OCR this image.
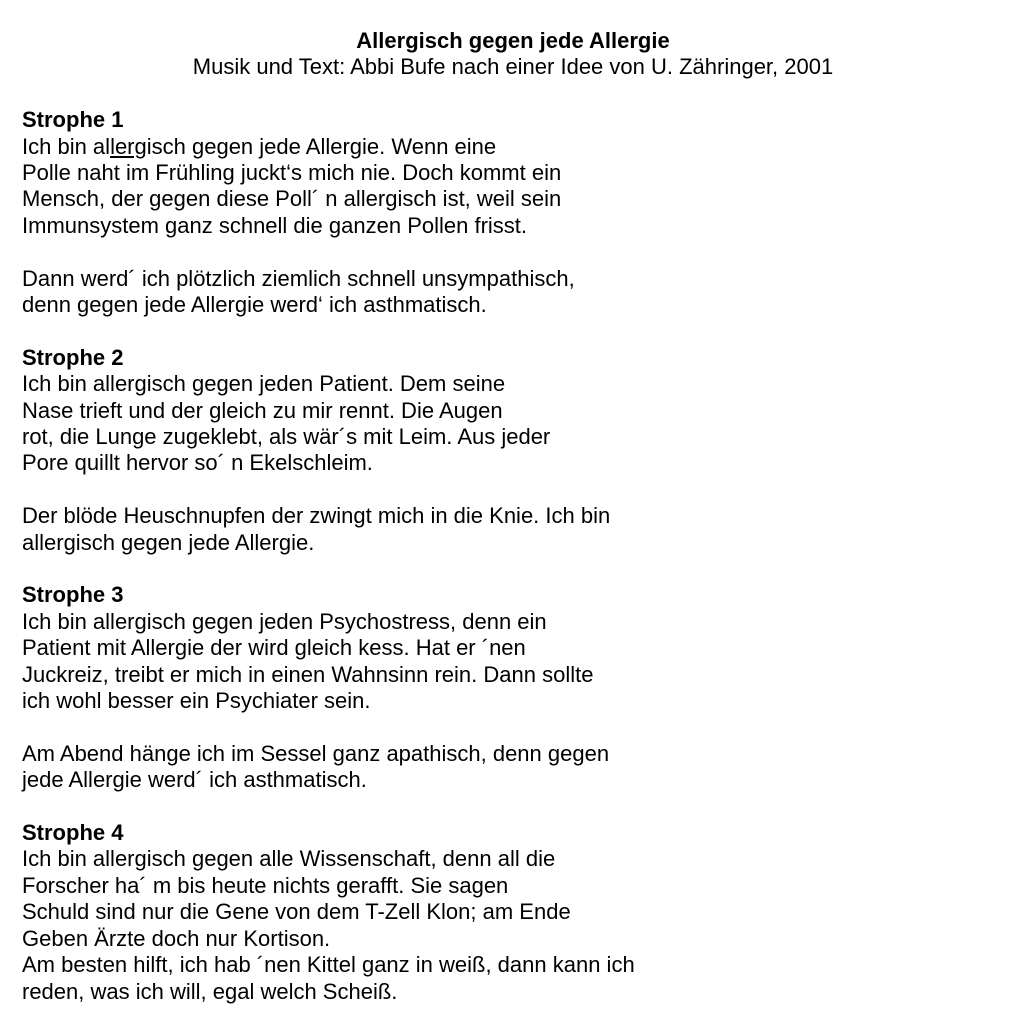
Allergisch gegen jede Allergie

Musik und Text: Abbi Bufe nach einer Idee von U. Zähringer, 2001

Strophe 1

Ich bin allergisch gegen jede Allergie. Wenn eine

Polle naht im Frühling juckt‘s mich nie. Doch kommt ein

Mensch, der gegen diese Poll´ n allergisch ist, weil sein

Immunsystem ganz schnell die ganzen Pollen frisst.

Dann werd´ ich plötzlich ziemlich schnell unsympathisch,

denn gegen jede Allergie werd‘ ich asthmatisch.

Strophe 2

Ich bin allergisch gegen jeden Patient. Dem seine

Nase trieft und der gleich zu mir rennt. Die Augen

rot, die Lunge zugeklebt, als wär´s mit Leim. Aus jeder

Pore quillt hervor so´ n Ekelschleim.

Der blöde Heuschnupfen der zwingt mich in die Knie. Ich bin

allergisch gegen jede Allergie.

Strophe 3

Ich bin allergisch gegen jeden Psychostress, denn ein

Patient mit Allergie der wird gleich kess. Hat er ´nen

Juckreiz, treibt er mich in einen Wahnsinn rein. Dann sollte

ich wohl besser ein Psychiater sein.

Am Abend hänge ich im Sessel ganz apathisch, denn gegen

jede Allergie werd´ ich asthmatisch.

Strophe 4

Ich bin allergisch gegen alle Wissenschaft, denn all die

Forscher ha´ m bis heute nichts gerafft. Sie sagen

Schuld sind nur die Gene von dem T-Zell Klon; am Ende

Geben Ärzte doch nur Kortison.

Am besten hilft, ich hab ´nen Kittel ganz in weiß, dann kann ich

reden, was ich will, egal welch Scheiß.
